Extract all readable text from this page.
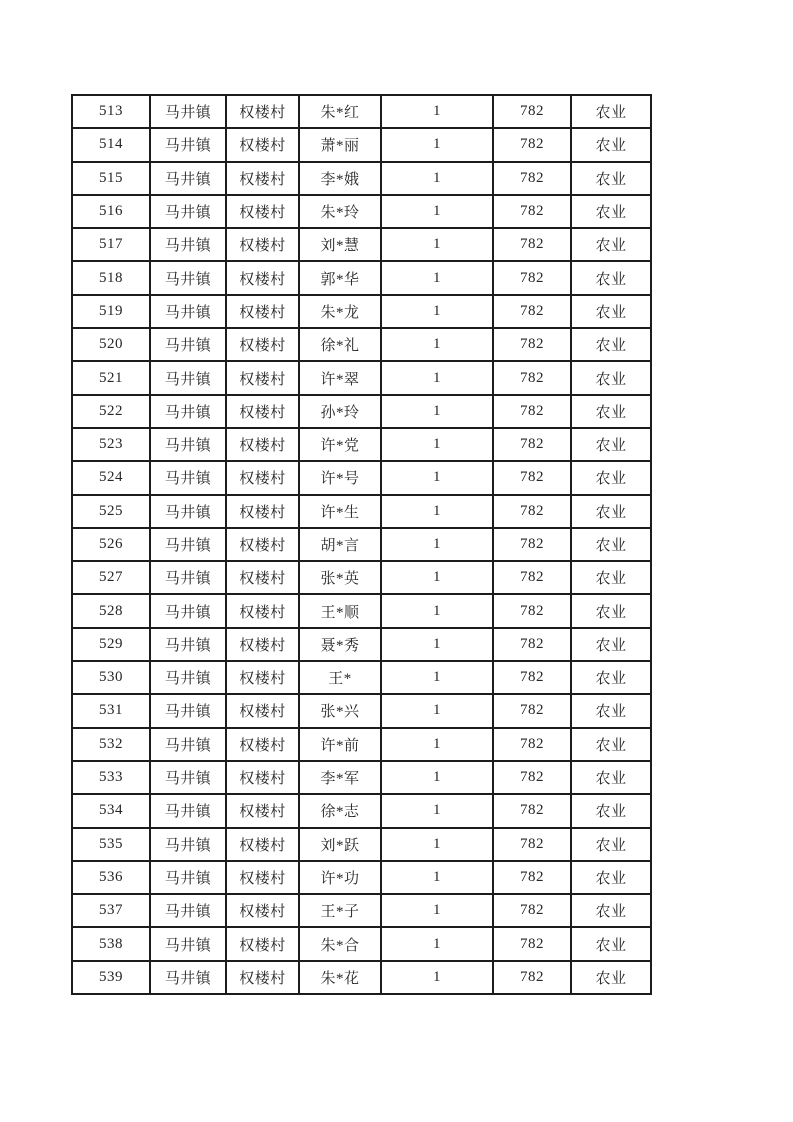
513	马井镇	权楼村	朱*红	1	782	农业
514	马井镇	权楼村	萧*丽	1	782	农业
515	马井镇	权楼村	李*娥	1	782	农业
516	马井镇	权楼村	朱*玲	1	782	农业
517	马井镇	权楼村	刘*慧	1	782	农业
518	马井镇	权楼村	郭*华	1	782	农业
519	马井镇	权楼村	朱*龙	1	782	农业
520	马井镇	权楼村	徐*礼	1	782	农业
521	马井镇	权楼村	许*翠	1	782	农业
522	马井镇	权楼村	孙*玲	1	782	农业
523	马井镇	权楼村	许*党	1	782	农业
524	马井镇	权楼村	许*号	1	782	农业
525	马井镇	权楼村	许*生	1	782	农业
526	马井镇	权楼村	胡*言	1	782	农业
527	马井镇	权楼村	张*英	1	782	农业
528	马井镇	权楼村	王*顺	1	782	农业
529	马井镇	权楼村	聂*秀	1	782	农业
530	马井镇	权楼村	王*	1	782	农业
531	马井镇	权楼村	张*兴	1	782	农业
532	马井镇	权楼村	许*前	1	782	农业
533	马井镇	权楼村	李*军	1	782	农业
534	马井镇	权楼村	徐*志	1	782	农业
535	马井镇	权楼村	刘*跃	1	782	农业
536	马井镇	权楼村	许*功	1	782	农业
537	马井镇	权楼村	王*子	1	782	农业
538	马井镇	权楼村	朱*合	1	782	农业
539	马井镇	权楼村	朱*花	1	782	农业
